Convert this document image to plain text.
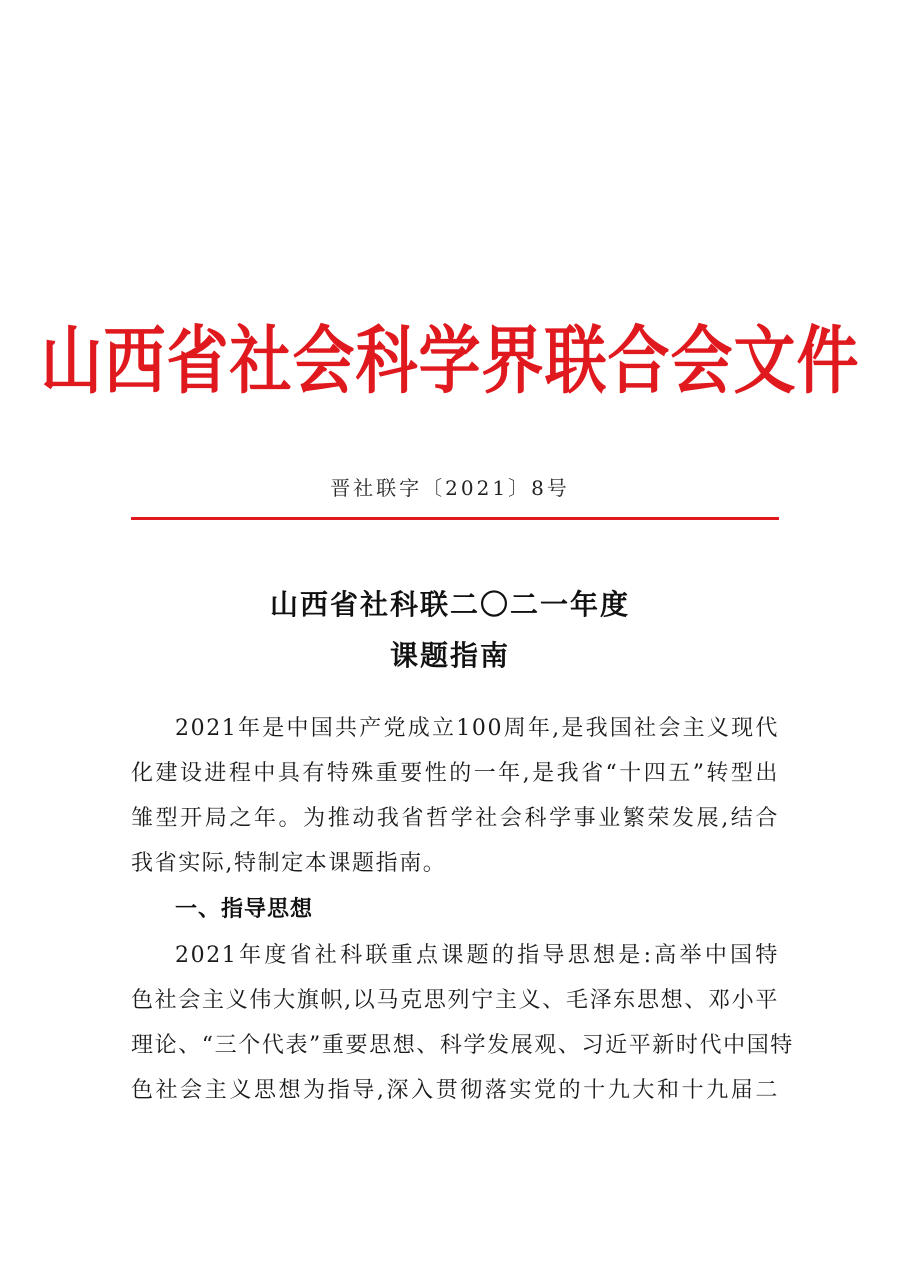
山西省社会科学界联合会文件
晋社联字〔2021〕8号
山西省社科联二〇二一年度
课题指南
2021年是中国共产党成立100周年,是我国社会主义现代
化建设进程中具有特殊重要性的一年,是我省“十四五”转型出
雏型开局之年。为推动我省哲学社会科学事业繁荣发展,结合
我省实际,特制定本课题指南。
一、指导思想
2021年度省社科联重点课题的指导思想是:高举中国特
色社会主义伟大旗帜,以马克思列宁主义、毛泽东思想、邓小平
理论、“三个代表”重要思想、科学发展观、习近平新时代中国特
色社会主义思想为指导,深入贯彻落实党的十九大和十九届二
